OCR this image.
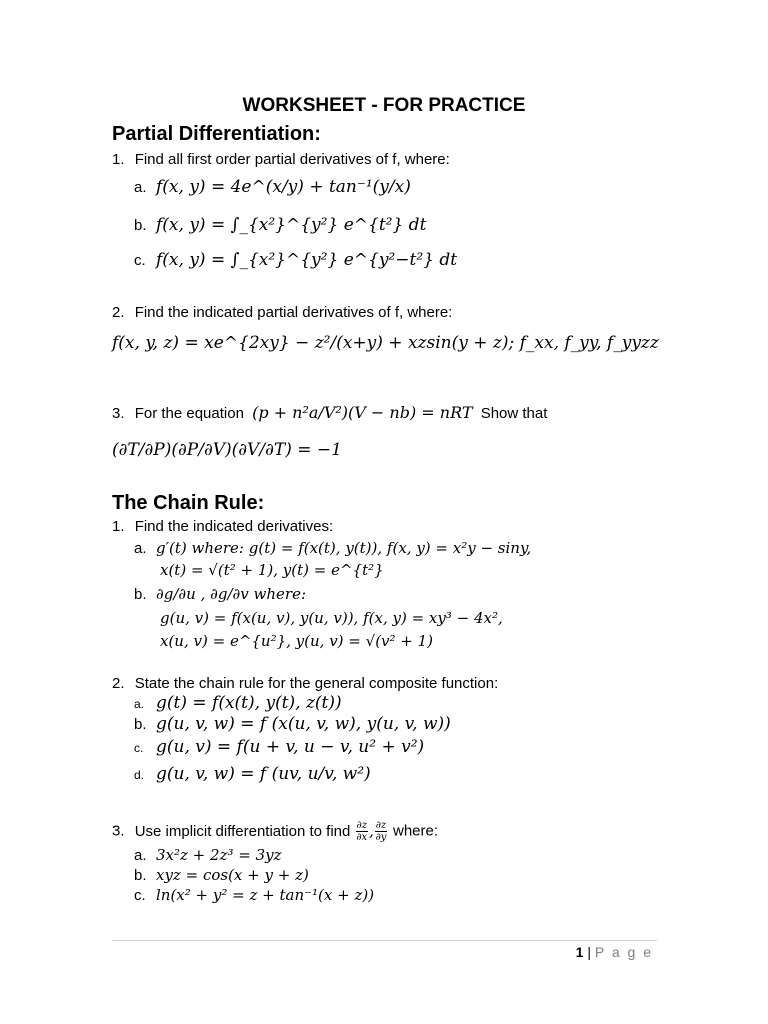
WORKSHEET - FOR PRACTICE
Partial Differentiation:
1. Find all first order partial derivatives of f, where:
a. f(x, y) = 4e^(x/y) + tan⁻¹(y/x)
b. f(x, y) = ∫_{x²}^{y²} e^{t²} dt
c. f(x, y) = ∫_{x²}^{y²} e^{y²−t²} dt
2. Find the indicated partial derivatives of f, where:
f(x, y, z) = xe^{2xy} − z²/(x+y) + xzsin(y + z); f_xx, f_yy, f_yyzz
3. For the equation (p + n²a/V²)(V − nb) = nRT Show that
(∂T/∂P)(∂P/∂V)(∂V/∂T) = −1
The Chain Rule:
1. Find the indicated derivatives:
a. g′(t) where: g(t) = f(x(t), y(t)), f(x, y) = x²y − siny,
x(t) = √(t² + 1), y(t) = e^{t²}
b. ∂g/∂u , ∂g/∂v where:
g(u, v) = f(x(u, v), y(u, v)), f(x, y) = xy³ − 4x²,
x(u, v) = e^{u²}, y(u, v) = √(v² + 1)
2. State the chain rule for the general composite function:
a. g(t) = f(x(t), y(t), z(t))
b. g(u, v, w) = f (x(u, v, w), y(u, v, w))
c. g(u, v) = f(u + v, u − v, u² + v²)
d. g(u, v, w) = f (uv, u/v, w²)
3. Use implicit differentiation to find $\frac{\partial z}{\partial x}$ , $\frac{\partial z}{\partial y}$ where:
a. 3x²z + 2z³ = 3yz
b. xyz = cos(x + y + z)
c. ln(x² + y² = z + tan⁻¹(x + z))
1 | P a g e
